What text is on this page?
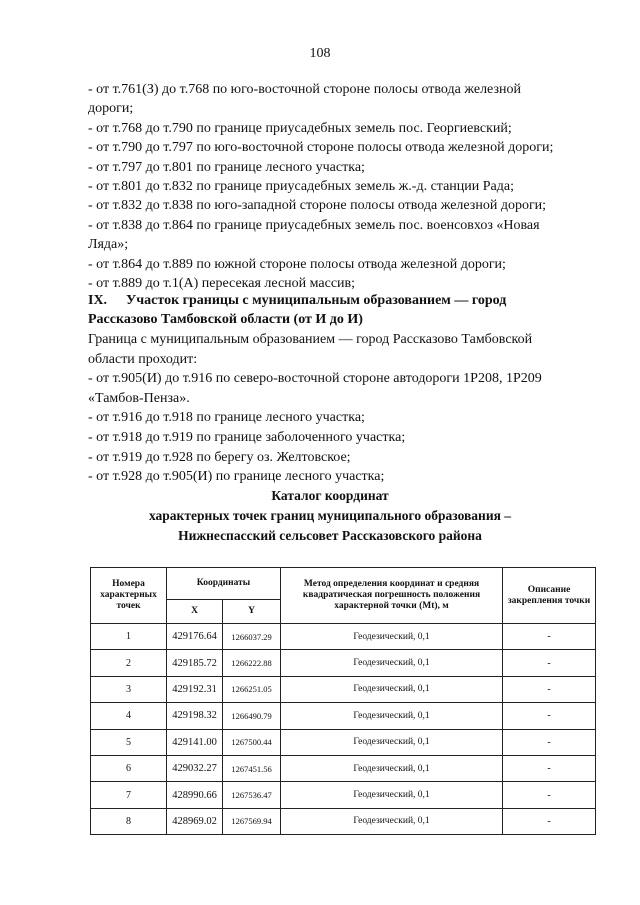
108
- от т.761(З) до т.768 по юго-восточной стороне полосы отвода железной
дороги;
- от т.768 до т.790 по границе приусадебных земель пос. Георгиевский;
- от т.790 до т.797 по юго-восточной стороне полосы отвода железной дороги;
- от т.797 до т.801 по границе лесного участка;
- от т.801 до т.832 по границе приусадебных земель ж.-д. станции Рада;
- от т.832 до т.838 по юго-западной стороне полосы отвода железной дороги;
- от т.838 до т.864 по границе приусадебных земель пос. военсовхоз «Новая
Ляда»;
- от т.864 до т.889 по южной стороне полосы отвода железной дороги;
- от т.889 до т.1(А) пересекая лесной массив;
IX. Участок границы с муниципальным образованием — город
Рассказово Тамбовской области (от И до И)
Граница с муниципальным образованием — город Рассказово Тамбовской
области проходит:
- от т.905(И) до т.916 по северо-восточной стороне автодороги 1Р208, 1Р209
«Тамбов-Пенза».
- от т.916 до т.918 по границе лесного участка;
- от т.918 до т.919 по границе заболоченного участка;
- от т.919 до т.928 по берегу оз. Желтовское;
- от т.928 до т.905(И) по границе лесного участка;
Каталог координат
характерных точек границ муниципального образования –
Нижнеспасский сельсовет Рассказовского района
Номера характерных точек	Координаты		Метод определения координат и средняя квадратическая погрешность положения характерной точки (Mt), м	Описание закрепления точки
	X	Y		
1	429176.64	1266037.29	Геодезический, 0,1	-
2	429185.72	1266222.88	Геодезический, 0,1	-
3	429192.31	1266251.05	Геодезический, 0,1	-
4	429198.32	1266490.79	Геодезический, 0,1	-
5	429141.00	1267500.44	Геодезический, 0,1	-
6	429032.27	1267451.56	Геодезический, 0,1	-
7	428990.66	1267536.47	Геодезический, 0,1	-
8	428969.02	1267569.94	Геодезический, 0,1	-
